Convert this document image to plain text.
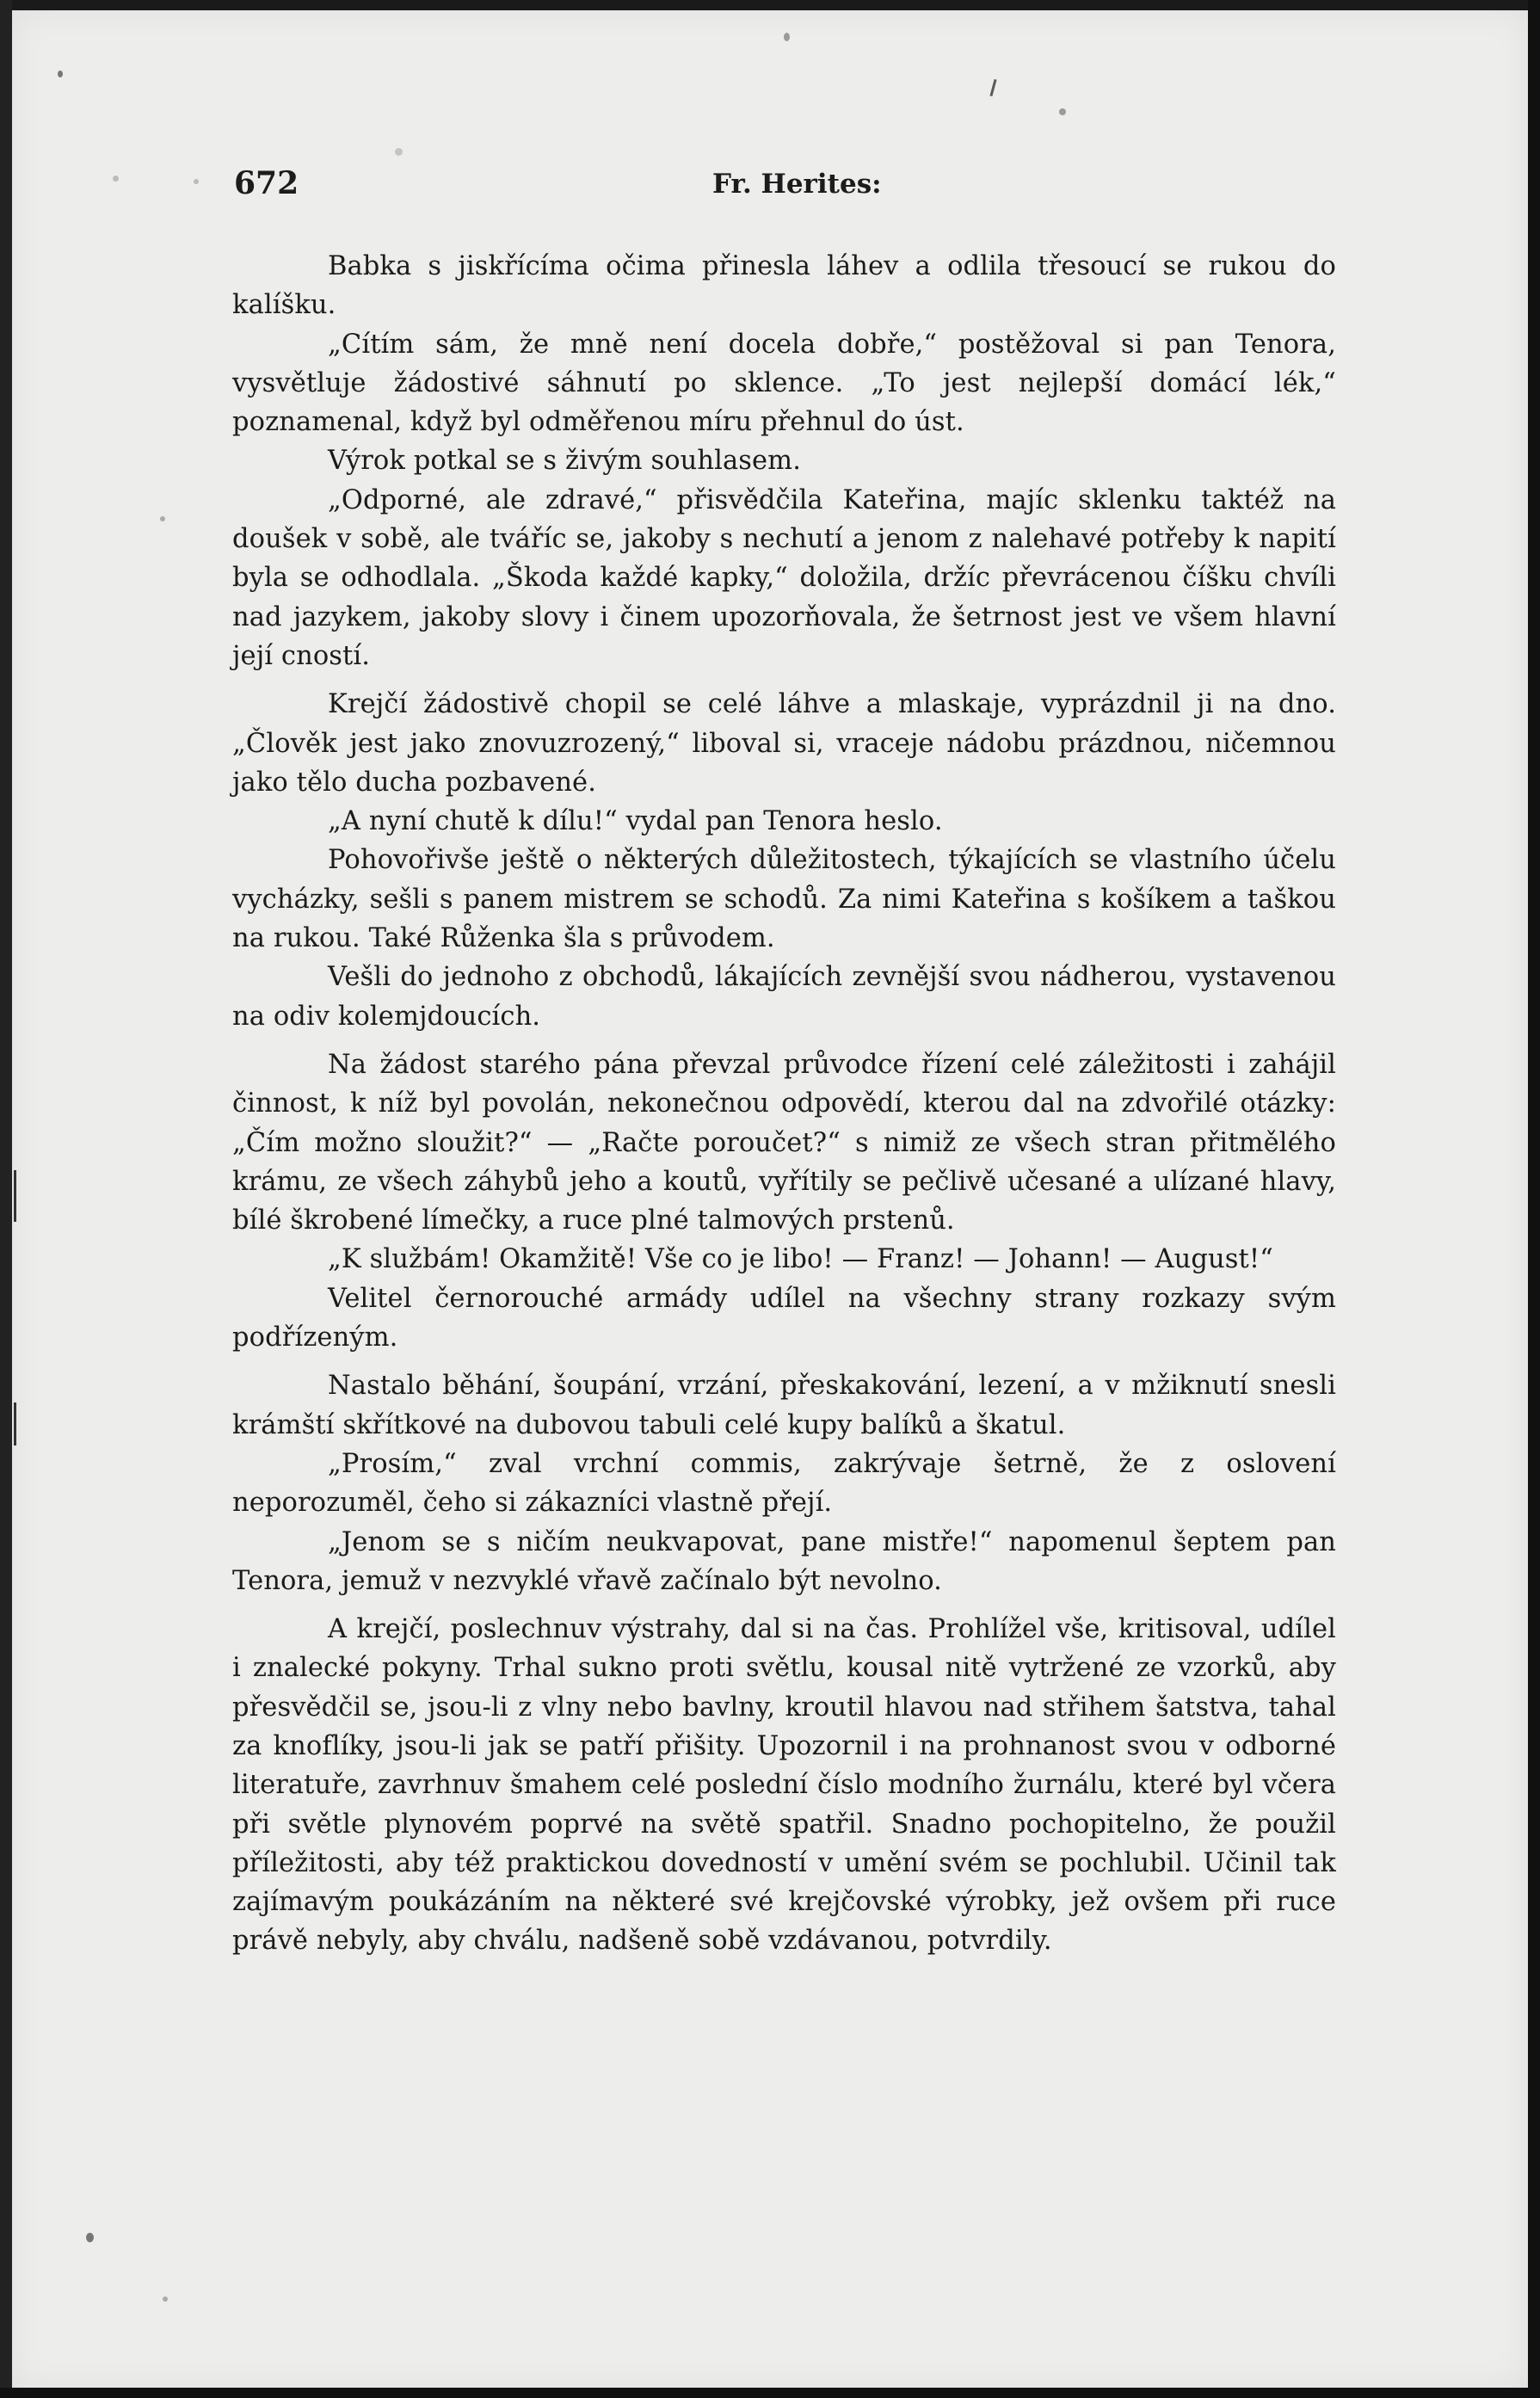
672	Fr. Herites:

Babka s jiskřícíma očima přinesla láhev a odlila třesoucí se rukou do kalíšku.

„Cítím sám, že mně není docela dobře,“ postěžoval si pan Tenora, vysvětluje žádostivé sáhnutí po sklence. „To jest nejlepší domácí lék,“ poznamenal, když byl odměřenou míru přehnul do úst.

Výrok potkal se s živým souhlasem.

„Odporné, ale zdravé,“ přisvědčila Kateřina, majíc sklenku taktéž na doušek v sobě, ale tváříc se, jakoby s nechutí a jenom z nalehavé potřeby k napití byla se odhodlala. „Škoda každé kapky,“ doložila, držíc převrácenou číšku chvíli nad jazykem, jakoby slovy i činem upozorňovala, že šetrnost jest ve všem hlavní její cností.

Krejčí žádostivě chopil se celé láhve a mlaskaje, vyprázdnil ji na dno. „Člověk jest jako znovuzrozený,“ liboval si, vraceje nádobu prázdnou, ničemnou jako tělo ducha pozbavené.

„A nyní chutě k dílu!“ vydal pan Tenora heslo.

Pohovořivše ještě o některých důležitostech, týkajících se vlastního účelu vycházky, sešli s panem mistrem se schodů. Za nimi Kateřina s košíkem a taškou na rukou. Také Růženka šla s průvodem.

Vešli do jednoho z obchodů, lákajících zevnější svou nádherou, vystavenou na odiv kolemjdoucích.

Na žádost starého pána převzal průvodce řízení celé záležitosti i zahájil činnost, k níž byl povolán, nekonečnou odpovědí, kterou dal na zdvořilé otázky: „Čím možno sloužit?“ — „Račte poroučet?“ s nimiž ze všech stran přitmělého krámu, ze všech záhybů jeho a koutů, vyřítily se pečlivě učesané a ulízané hlavy, bílé škrobené límečky, a ruce plné talmových prstenů.

„K službám! Okamžitě! Vše co je libo! — Franz! — Johann! — August!“

Velitel černorouché armády udílel na všechny strany rozkazy svým podřízeným.

Nastalo běhání, šoupání, vrzání, přeskakování, lezení, a v mžiknutí snesli krámští skřítkové na dubovou tabuli celé kupy balíků a škatul.

„Prosím,“ zval vrchní commis, zakrývaje šetrně, že z oslovení neporozuměl, čeho si zákazníci vlastně přejí.

„Jenom se s ničím neukvapovat, pane mistře!“ napomenul šeptem pan Tenora, jemuž v nezvyklé vřavě začínalo být nevolno.

A krejčí, poslechnuv výstrahy, dal si na čas. Prohlížel vše, kritisoval, udílel i znalecké pokyny. Trhal sukno proti světlu, kousal nitě vytržené ze vzorků, aby přesvědčil se, jsou-li z vlny nebo bavlny, kroutil hlavou nad střihem šatstva, tahal za knoflíky, jsou-li jak se patří přišity. Upozornil i na prohnanost svou v odborné literatuře, zavrhnuv šmahem celé poslední číslo modního žurnálu, které byl včera při světle plynovém poprvé na světě spatřil. Snadno pochopitelno, že použil příležitosti, aby též praktickou dovedností v umění svém se pochlubil. Učinil tak zajímavým poukázáním na některé své krejčovské výrobky, jež ovšem při ruce právě nebyly, aby chválu, nadšeně sobě vzdávanou, potvrdily.
